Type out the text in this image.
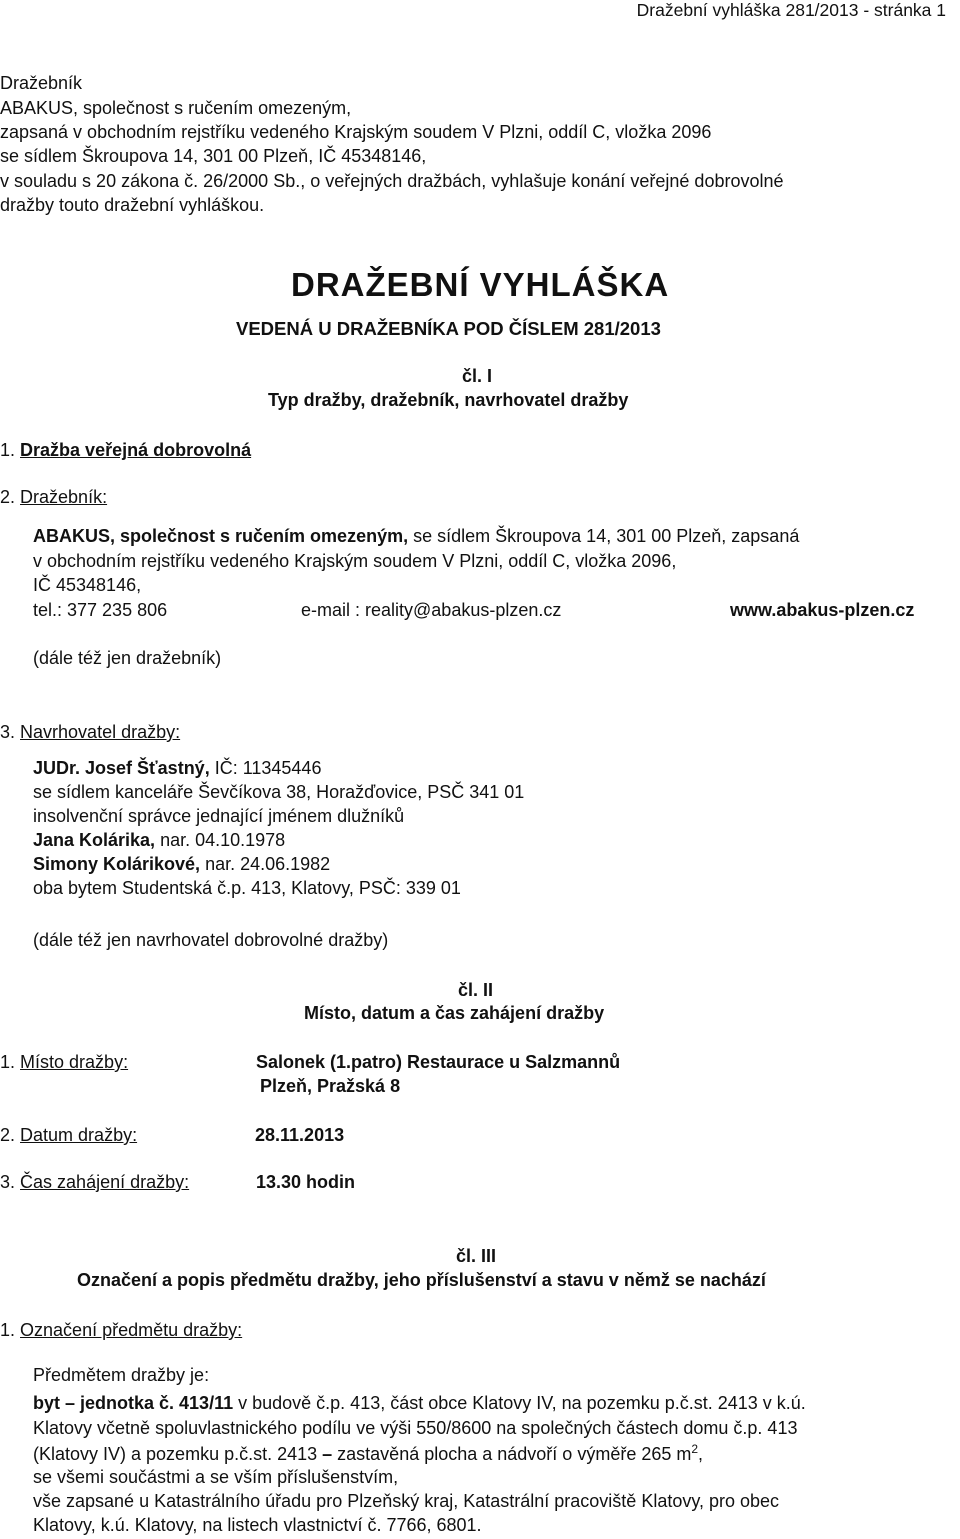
Dražební vyhláška 281/2013 - stránka 1
Dražebník
ABAKUS, společnost s ručením omezeným,
zapsaná v obchodním rejstříku vedeného Krajským soudem V Plzni, oddíl C, vložka 2096
se sídlem Škroupova 14, 301 00 Plzeň, IČ 45348146,
v souladu s 20 zákona č. 26/2000 Sb., o veřejných dražbách, vyhlašuje konání veřejné dobrovolné
dražby touto dražební vyhláškou.
DRAŽEBNÍ VYHLÁŠKA
VEDENÁ U DRAŽEBNÍKA POD ČÍSLEM 281/2013
čl. I
Typ dražby, dražebník, navrhovatel dražby
1. Dražba veřejná dobrovolná
2. Dražebník:
ABAKUS, společnost s ručením omezeným, se sídlem Škroupova 14, 301 00 Plzeň, zapsaná
v obchodním rejstříku vedeného Krajským soudem V Plzni, oddíl C, vložka 2096,
IČ 45348146,
tel.: 377 235 806	e-mail : reality@abakus-plzen.cz	www.abakus-plzen.cz
(dále též jen dražebník)
3. Navrhovatel dražby:
JUDr. Josef Šťastný, IČ: 11345446
se sídlem kanceláře Ševčíkova 38, Horažďovice, PSČ 341 01
insolvenční správce jednající jménem dlužníků
Jana Kolárika, nar. 04.10.1978
Simony Kolárikové, nar. 24.06.1982
oba bytem Studentská č.p. 413, Klatovy, PSČ: 339 01
(dále též jen navrhovatel dobrovolné dražby)
čl. II
Místo, datum a čas zahájení dražby
1. Místo dražby:	Salonek (1.patro) Restaurace u Salzmannů
Plzeň, Pražská 8
2. Datum dražby:	28.11.2013
3. Čas zahájení dražby:	13.30 hodin
čl. III
Označení a popis předmětu dražby, jeho příslušenství a stavu v němž se nachází
1. Označení předmětu dražby:
Předmětem dražby je:
byt – jednotka č. 413/11 v budově č.p. 413, část obce Klatovy IV, na pozemku p.č.st. 2413 v k.ú.
Klatovy včetně spoluvlastnického podílu ve výši 550/8600 na společných částech domu č.p. 413
(Klatovy IV) a pozemku p.č.st. 2413 – zastavěná plocha a nádvoří o výměře 265 $m^2$,
se všemi součástmi a se vším příslušenstvím,
vše zapsané u Katastrálního úřadu pro Plzeňský kraj, Katastrální pracoviště Klatovy, pro obec
Klatovy, k.ú. Klatovy, na listech vlastnictví č. 7766, 6801.
